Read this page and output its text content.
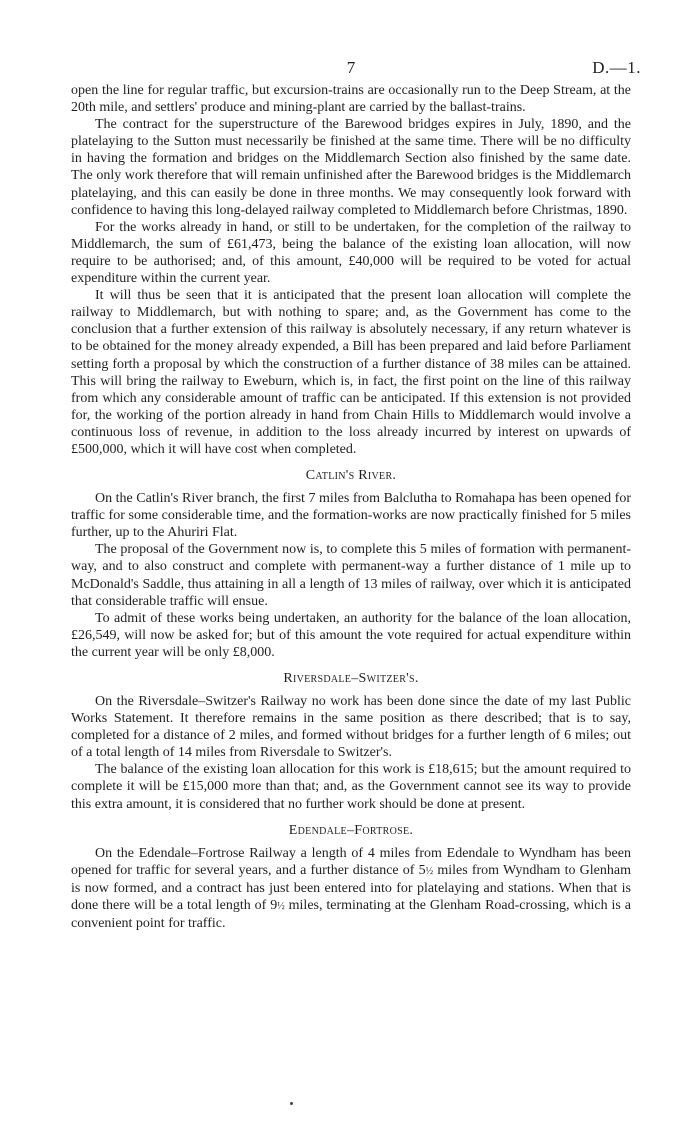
7	D.—1.

open the line for regular traffic, but excursion-trains are occasionally run to the Deep Stream, at the 20th mile, and settlers' produce and mining-plant are carried by the ballast-trains.

The contract for the superstructure of the Barewood bridges expires in July, 1890, and the platelaying to the Sutton must necessarily be finished at the same time. There will be no difficulty in having the formation and bridges on the Middlemarch Section also finished by the same date. The only work therefore that will remain unfinished after the Barewood bridges is the Middlemarch platelaying, and this can easily be done in three months. We may consequently look forward with confidence to having this long-delayed railway completed to Middlemarch before Christmas, 1890.

For the works already in hand, or still to be undertaken, for the completion of the railway to Middlemarch, the sum of £61,473, being the balance of the existing loan allocation, will now require to be authorised; and, of this amount, £40,000 will be required to be voted for actual expenditure within the current year.

It will thus be seen that it is anticipated that the present loan allocation will complete the railway to Middlemarch, but with nothing to spare; and, as the Government has come to the conclusion that a further extension of this railway is absolutely necessary, if any return whatever is to be obtained for the money already expended, a Bill has been prepared and laid before Parliament setting forth a proposal by which the construction of a further distance of 38 miles can be attained. This will bring the railway to Eweburn, which is, in fact, the first point on the line of this railway from which any considerable amount of traffic can be anticipated. If this extension is not provided for, the working of the portion already in hand from Chain Hills to Middlemarch would involve a continuous loss of revenue, in addition to the loss already incurred by interest on upwards of £500,000, which it will have cost when completed.

Catlin's River.

On the Catlin's River branch, the first 7 miles from Balclutha to Romahapa has been opened for traffic for some considerable time, and the formation-works are now practically finished for 5 miles further, up to the Ahuriri Flat.

The proposal of the Government now is, to complete this 5 miles of formation with permanent-way, and to also construct and complete with permanent-way a further distance of 1 mile up to McDonald's Saddle, thus attaining in all a length of 13 miles of railway, over which it is anticipated that considerable traffic will ensue.

To admit of these works being undertaken, an authority for the balance of the loan allocation, £26,549, will now be asked for; but of this amount the vote required for actual expenditure within the current year will be only £8,000.

Riversdale–Switzer's.

On the Riversdale–Switzer's Railway no work has been done since the date of my last Public Works Statement. It therefore remains in the same position as there described; that is to say, completed for a distance of 2 miles, and formed without bridges for a further length of 6 miles; out of a total length of 14 miles from Riversdale to Switzer's.

The balance of the existing loan allocation for this work is £18,615; but the amount required to complete it will be £15,000 more than that; and, as the Government cannot see its way to provide this extra amount, it is considered that no further work should be done at present.

Edendale–Fortrose.

On the Edendale–Fortrose Railway a length of 4 miles from Edendale to Wyndham has been opened for traffic for several years, and a further distance of 5½ miles from Wyndham to Glenham is now formed, and a contract has just been entered into for platelaying and stations. When that is done there will be a total length of 9½ miles, terminating at the Glenham Road-crossing, which is a convenient point for traffic.
